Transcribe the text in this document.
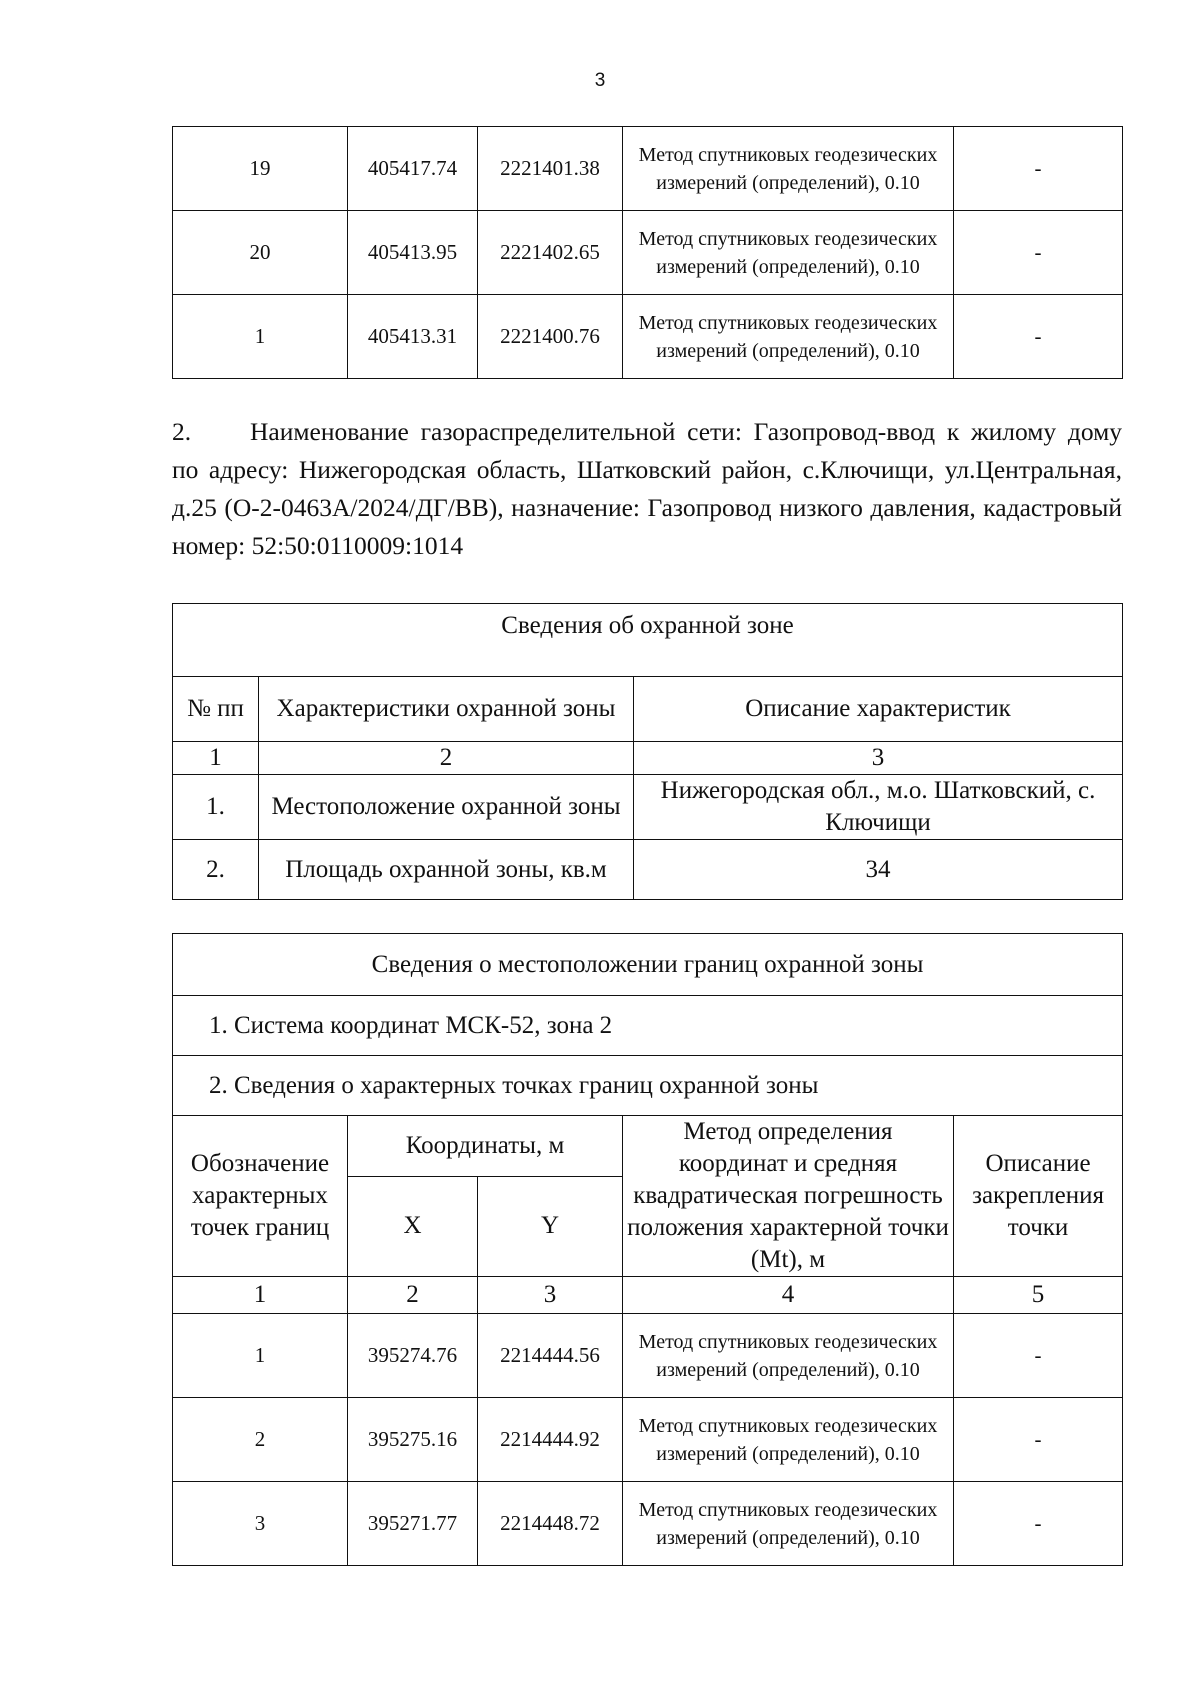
3
19	405417.74	2221401.38	Метод спутниковых геодезических измерений (определений), 0.10	-
20	405413.95	2221402.65	Метод спутниковых геодезических измерений (определений), 0.10	-
1	405413.31	2221400.76	Метод спутниковых геодезических измерений (определений), 0.10	-

2. Наименование газораспределительной сети: Газопровод-ввод к жилому дому по адресу: Нижегородская область, Шатковский район, с.Ключищи, ул.Центральная, д.25 (О-2-0463А/2024/ДГ/ВВ), назначение: Газопровод низкого давления, кадастровый номер: 52:50:0110009:1014

Сведения об охранной зоне		
№ пп	Характеристики охранной зоны	Описание характеристик
1	2	3
1.	Местоположение охранной зоны	Нижегородская обл., м.о. Шатковский, с. Ключищи
2.	Площадь охранной зоны, кв.м	34
Сведения о местоположении границ охранной зоны				
1. Система координат МСК-52, зона 2				
2. Сведения о характерных точках границ охранной зоны				
Обозначение характерных точек границ	Координаты, м		Метод определения координат и средняя квадратическая погрешность положения характерной точки (Mt), м	Описание закрепления точки
	X	Y		
1	2	3	4	5
1	395274.76	2214444.56	Метод спутниковых геодезических измерений (определений), 0.10	-
2	395275.16	2214444.92	Метод спутниковых геодезических измерений (определений), 0.10	-
3	395271.77	2214448.72	Метод спутниковых геодезических измерений (определений), 0.10	-
